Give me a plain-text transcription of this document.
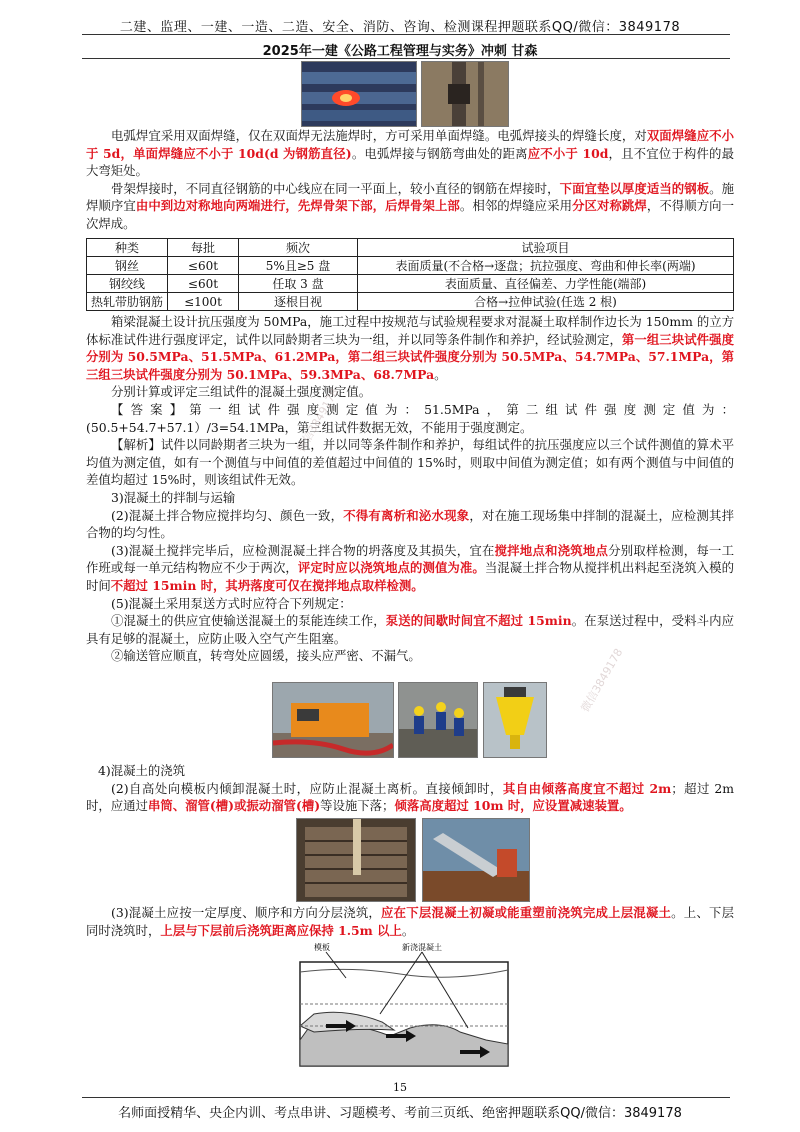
二建、监理、一建、一造、二造、安全、消防、咨询、检测课程押题联系QQ/微信：3849178
2025年一建《公路工程管理与实务》冲刺 甘森

电弧焊宜采用双面焊缝，仅在双面焊无法施焊时，方可采用单面焊缝。电弧焊接头的焊缝长度，对双面焊缝应不小于 5d，单面焊缝应不小于 10d(d 为钢筋直径)。电弧焊接与钢筋弯曲处的距离应不小于 10d，且不宜位于构件的最大弯矩处。

骨架焊接时，不同直径钢筋的中心线应在同一平面上，较小直径的钢筋在焊接时，下面宜垫以厚度适当的钢板。施焊顺序宜由中到边对称地向两端进行，先焊骨架下部，后焊骨架上部。相邻的焊缝应采用分区对称跳焊，不得顺方向一次焊成。

种类	每批	频次	试验项目
钢丝	≤60t	5%且≥5 盘	表面质量(不合格→逐盘；抗拉强度、弯曲和伸长率(两端)
钢绞线	≤60t	任取 3 盘	表面质量、直径偏差、力学性能(端部)
热轧带肋钢筋	≤100t	逐根目视	合格→拉伸试验(任选 2 根)

箱梁混凝土设计抗压强度为 50MPa，施工过程中按规范与试验规程要求对混凝土取样制作边长为 150mm 的立方体标准试件进行强度评定，试件以同龄期者三块为一组，并以同等条件制作和养护，经试验测定，第一组三块试件强度分别为 50.5MPa、51.5MPa、61.2MPa，第二组三块试件强度分别为 50.5MPa、54.7MPa、57.1MPa，第三组三块试件强度分别为 50.1MPa、59.3MPa、68.7MPa。

分别计算或评定三组试件的混凝土强度测定值。

【答案】第一组试件强度测定值为：51.5MPa，第二组试件强度测定值为：(50.5+54.7+57.1）/3=54.1MPa，第三组试件数据无效，不能用于强度测定。

【解析】试件以同龄期者三块为一组，并以同等条件制作和养护，每组试件的抗压强度应以三个试件测值的算术平均值为测定值，如有一个测值与中间值的差值超过中间值的 15%时，则取中间值为测定值；如有两个测值与中间值的差值均超过 15%时，则该组试件无效。

3)混凝土的拌制与运输

(2)混凝土拌合物应搅拌均匀、颜色一致，不得有离析和泌水现象，对在施工现场集中拌制的混凝土，应检测其拌合物的均匀性。

(3)混凝土搅拌完毕后，应检测混凝土拌合物的坍落度及其损失，宜在搅拌地点和浇筑地点分别取样检测，每一工作班或每一单元结构物应不少于两次，评定时应以浇筑地点的测值为准。当混凝土拌合物从搅拌机出料起至浇筑入模的时间不超过 15min 时，其坍落度可仅在搅拌地点取样检测。

(5)混凝土采用泵送方式时应符合下列规定：

①混凝土的供应宜使输送混凝土的泵能连续工作，泵送的间歇时间宜不超过 15min。在泵送过程中，受料斗内应具有足够的混凝土，应防止吸入空气产生阻塞。

②输送管应顺直，转弯处应圆缓，接头应严密、不漏气。

4)混凝土的浇筑

(2)自高处向模板内倾卸混凝土时，应防止混凝土离析。直接倾卸时，其自由倾落高度宜不超过 2m；超过 2m 时，应通过串筒、溜管(槽)或振动溜管(槽)等设施下落；倾落高度超过 10m 时，应设置减速装置。

(3)混凝土应按一定厚度、顺序和方向分层浇筑，应在下层混凝土初凝或能重塑前浇筑完成上层混凝土。上、下层同时浇筑时，上层与下层前后浇筑距离应保持 1.5m 以上。

模板	新浇混凝土
微信3849178
微信3849178
15
名师面授精华、央企内训、考点串讲、习题模考、考前三页纸、绝密押题联系QQ/微信：3849178
